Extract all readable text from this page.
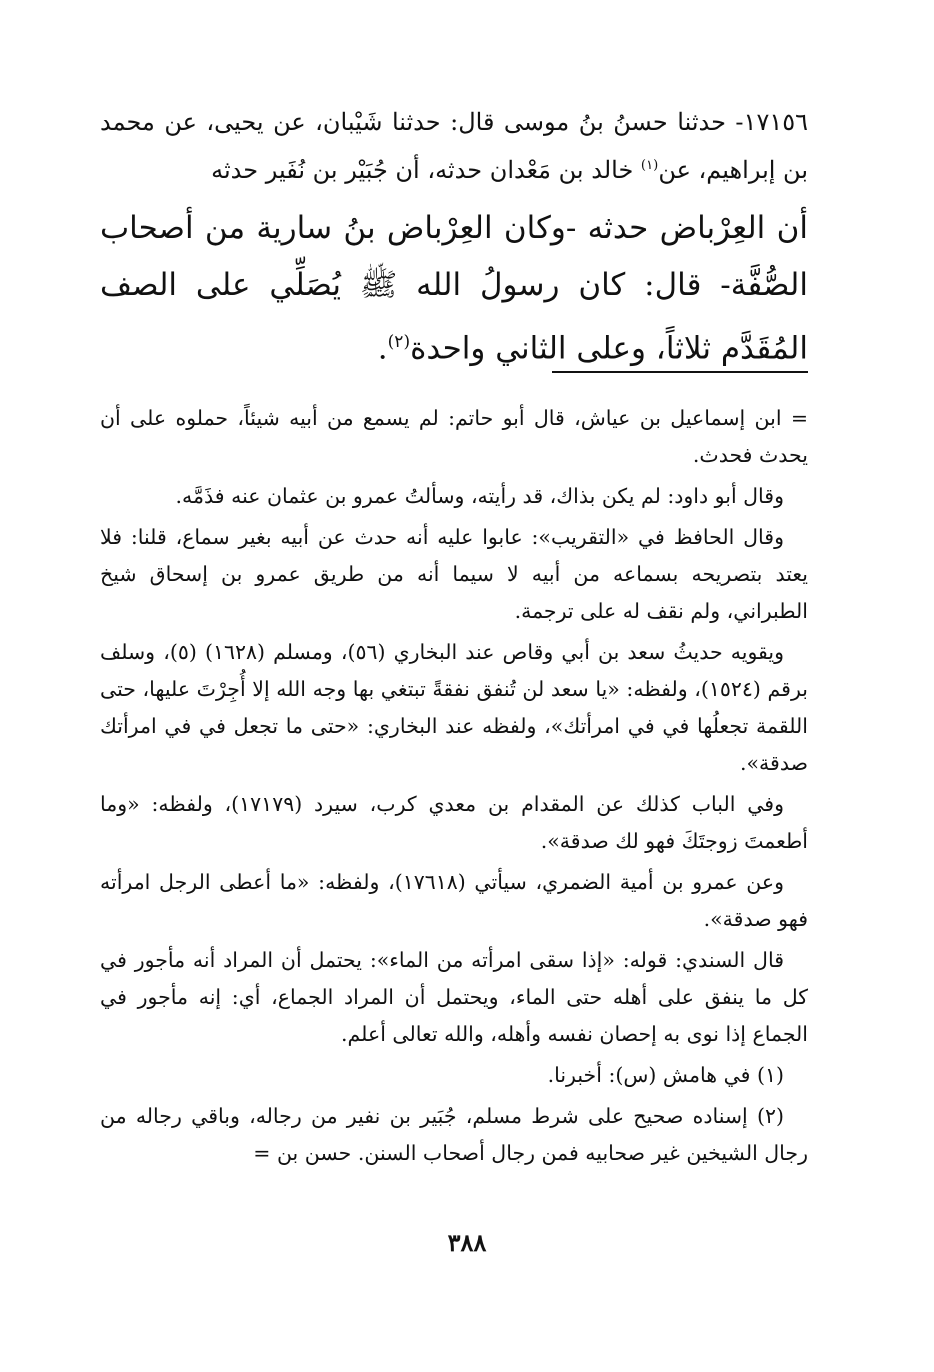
١٧١٥٦- حدثنا حسنُ بنُ موسى قال: حدثنا شَيْبان، عن يحيى، عن محمد بن إبراهيم، عن$^{(١)}$ خالد بن مَعْدان حدثه، أن جُبَيْر بن نُفَير حدثه

أن العِرْباض حدثه -وكان العِرْباض بنُ سارية من أصحاب الصُّفَّة- قال: كان رسولُ الله ﷺ يُصَلِّي على الصف المُقَدَّم ثلاثاً، وعلى الثاني واحدة$^{(٢)}$.

= ابن إسماعيل بن عياش، قال أبو حاتم: لم يسمع من أبيه شيئاً، حملوه على أن يحدث فحدث.

وقال أبو داود: لم يكن بذاك، قد رأيته، وسألتُ عمرو بن عثمان عنه فذَمَّه.

وقال الحافظ في «التقريب»: عابوا عليه أنه حدث عن أبيه بغير سماع، قلنا: فلا يعتد بتصريحه بسماعه من أبيه لا سيما أنه من طريق عمرو بن إسحاق شيخ الطبراني، ولم نقف له على ترجمة.

ويقويه حديثُ سعد بن أبي وقاص عند البخاري (٥٦)، ومسلم (١٦٢٨) (٥)، وسلف برقم (١٥٢٤)، ولفظه: «يا سعد لن تُنفق نفقةً تبتغي بها وجه الله إلا أُجِرْتَ عليها، حتى اللقمة تجعلُها في في امرأتك»، ولفظه عند البخاري: «حتى ما تجعل في في امرأتك صدقة».

وفي الباب كذلك عن المقدام بن معدي كرب، سيرد (١٧١٧٩)، ولفظه: «وما أطعمتَ زوجتَكَ فهو لك صدقة».

وعن عمرو بن أمية الضمري، سيأتي (١٧٦١٨)، ولفظه: «ما أعطى الرجل امرأته فهو صدقة».

قال السندي: قوله: «إذا سقى امرأته من الماء»: يحتمل أن المراد أنه مأجور في كل ما ينفق على أهله حتى الماء، ويحتمل أن المراد الجماع، أي: إنه مأجور في الجماع إذا نوى به إحصان نفسه وأهله، والله تعالى أعلم.

(١) في هامش (س): أخبرنا.

(٢) إسناده صحيح على شرط مسلم، جُبَير بن نفير من رجاله، وباقي رجاله من رجال الشيخين غير صحابيه فمن رجال أصحاب السنن. حسن بن =

٣٨٨
